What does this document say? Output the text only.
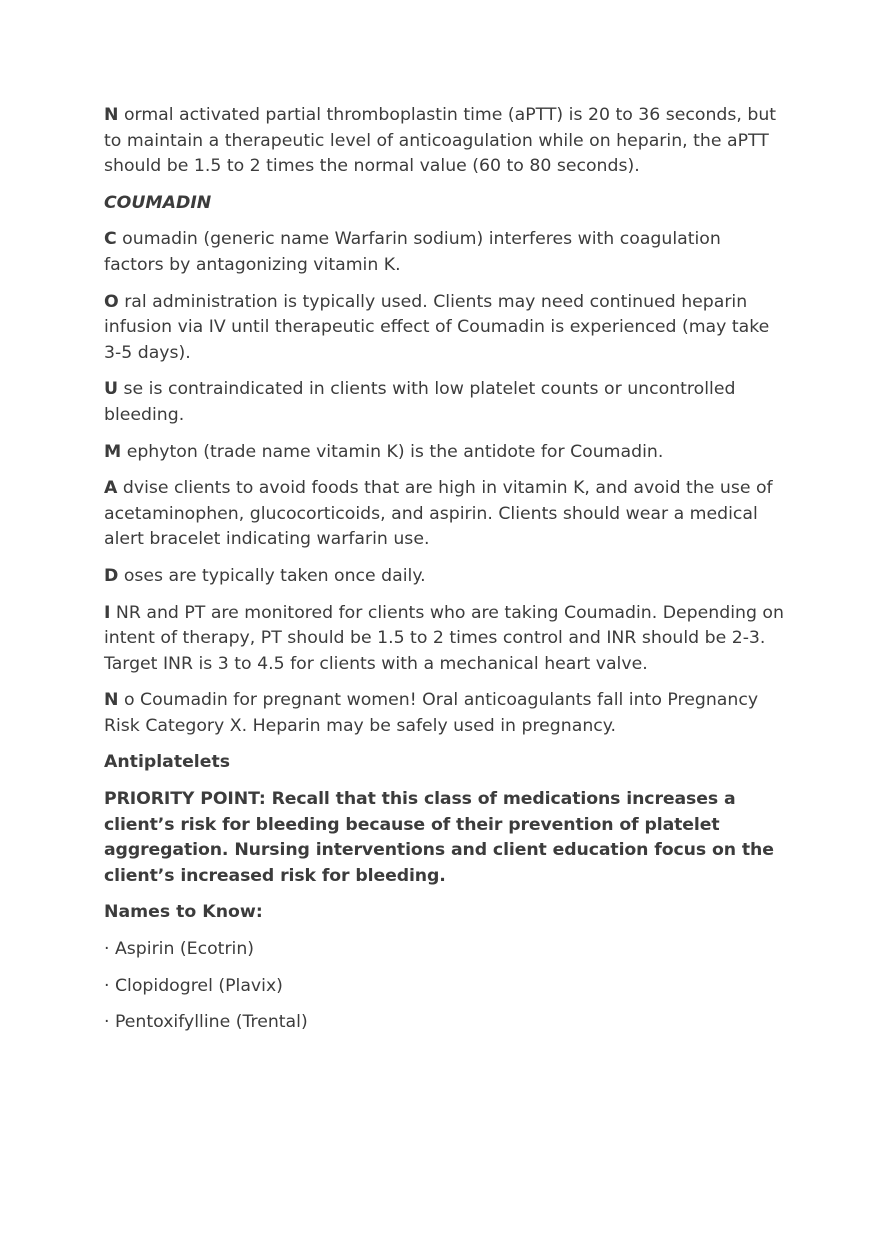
N ormal activated partial thromboplastin time (aPTT) is 20 to 36 seconds, but to maintain a therapeutic level of anticoagulation while on heparin, the aPTT should be 1.5 to 2 times the normal value (60 to 80 seconds).

COUMADIN

C oumadin (generic name Warfarin sodium) interferes with coagulation factors by antagonizing vitamin K.

O ral administration is typically used. Clients may need continued heparin infusion via IV until therapeutic effect of Coumadin is experienced (may take 3-5 days).

U se is contraindicated in clients with low platelet counts or uncontrolled bleeding.

M ephyton (trade name vitamin K) is the antidote for Coumadin.

A dvise clients to avoid foods that are high in vitamin K, and avoid the use of acetaminophen, glucocorticoids, and aspirin. Clients should wear a medical alert bracelet indicating warfarin use.

D oses are typically taken once daily.

I NR and PT are monitored for clients who are taking Coumadin. Depending on intent of therapy, PT should be 1.5 to 2 times control and INR should be 2-3. Target INR is 3 to 4.5 for clients with a mechanical heart valve.

N o Coumadin for pregnant women! Oral anticoagulants fall into Pregnancy Risk Category X. Heparin may be safely used in pregnancy.

Antiplatelets

PRIORITY POINT: Recall that this class of medications increases a client’s risk for bleeding because of their prevention of platelet aggregation. Nursing interventions and client education focus on the client’s increased risk for bleeding.

Names to Know:

· Aspirin (Ecotrin)

· Clopidogrel (Plavix)

· Pentoxifylline (Trental)
